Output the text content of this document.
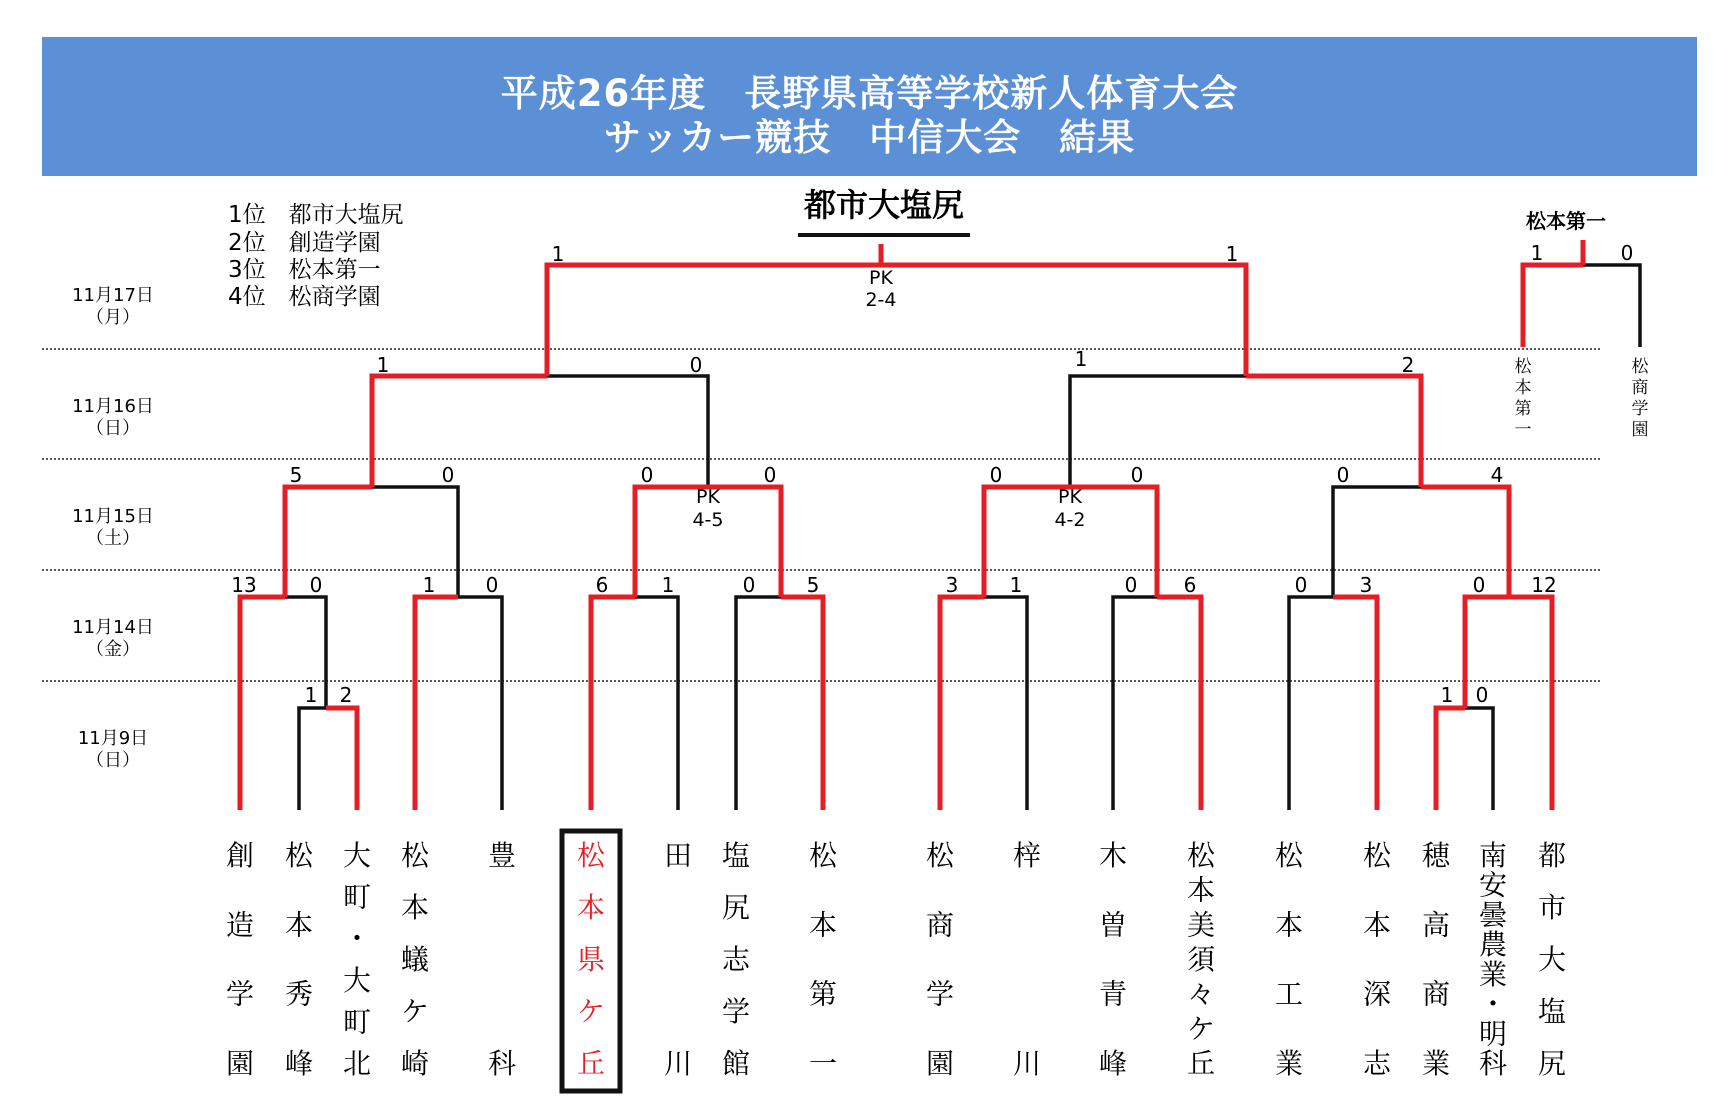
平成26年度　長野県高等学校新人体育大会
サッカー競技　中信大会　結果
1位　都市大塩尻
2位　創造学園
3位　松本第一
4位　松商学園
都市大塩尻	松本第一
11月17日
（月）
11月16日
（日）
11月15日
（土）
11月14日
（金）
11月9日
（日）
1 2	1 0
13	0	1	0	6	1	0	5	3	1	0 6	0	3	0 12
5	0	0	0
PK
4-5
0	0
PK
4-2
0	4
1	0	1	2
1	1
PK
2-4
1	0
創
造
学
園
松
本
秀
峰
大
町
・
大
町
北
松
本
蟻
ケ
崎
豊
科
松
本
県
ケ
丘
田
川
塩
尻
志
学
館
松
本
第
一
松
商
学
園
梓
川
木
曽
青
峰
松
本
美
須
々
ケ
丘
松
本
工
業
松
本
深
志
穂
高
商
業
南
安
曇
農
業
・
明
科
都
市
大
塩
尻
松
本
第
一
松
商
学
園
